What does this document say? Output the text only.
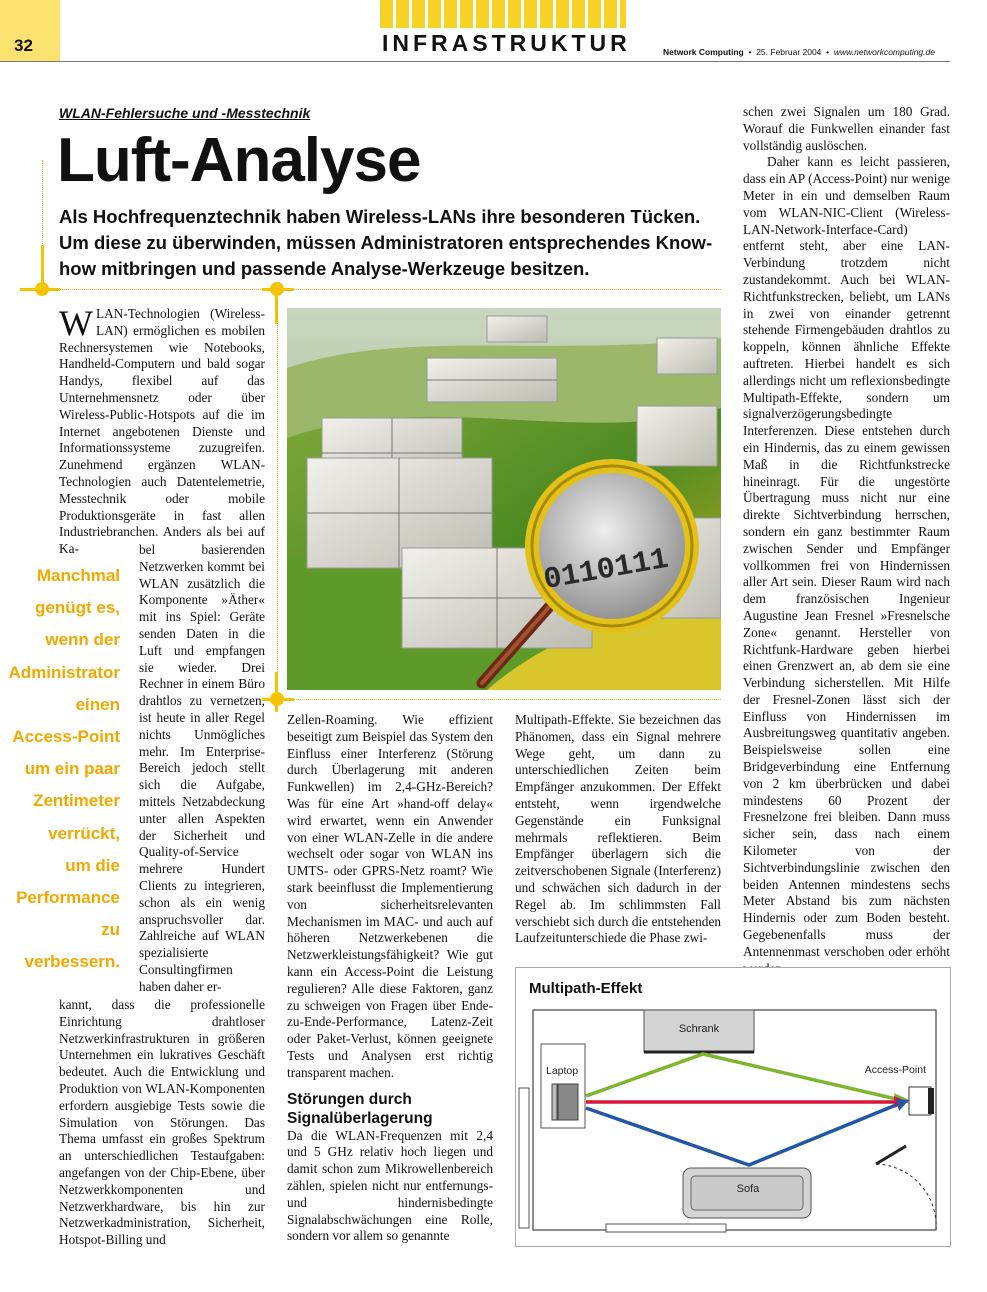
32	INFRASTRUKTUR	Network Computing • 25. Februar 2004 • www.networkcomputing.de
WLAN-Fehlersuche und -Messtechnik
Luft-Analyse
Als Hochfrequenztechnik haben Wireless-LANs ihre besonderen Tücken. Um diese zu überwinden, müssen Administratoren entsprechendes Know-how mitbringen und passende Analyse-Werkzeuge besitzen.
Manchmal
genügt es,
wenn der
Administrator
einen
Access-Point
um ein paar
Zentimeter
verrückt,
um die
Performance
zu
verbessern.

WLAN-Technologien (Wireless-LAN) ermöglichen es mobilen Rechnersystemen wie Notebooks, Handheld-Computern und bald sogar Handys, flexibel auf das Unternehmensnetz oder über Wireless-Public-Hotspots auf die im Internet angebotenen Dienste und Informationssysteme zuzugreifen. Zunehmend ergänzen WLAN-Technologien auch Datentelemetrie, Messtechnik oder mobile Produktionsgeräte in fast allen Industriebranchen. Anders als bei auf Ka-	bel basierenden Netzwerken kommt bei WLAN zusätzlich die Komponente »Äther« mit ins Spiel: Geräte senden Daten in die Luft und empfangen sie wieder. Drei Rechner in einem Büro drahtlos zu vernetzen, ist heute in aller Regel nichts Unmögliches mehr. Im Enterprise-Bereich jedoch stellt sich die Aufgabe, mittels Netzabdeckung unter allen Aspekten der Sicherheit und Quality-of-Service mehrere Hundert Clients zu integrieren, schon als ein wenig anspruchsvoller dar. Zahlreiche auf WLAN spezialisierte Consultingfirmen haben daher er-

kannt, dass die professionelle Einrichtung drahtloser Netzwerkinfrastrukturen in größeren Unternehmen ein lukratives Geschäft bedeutet. Auch die Entwicklung und Produktion von WLAN-Komponenten erfordern ausgiebige Tests sowie die Simulation von Störungen. Das Thema umfasst ein großes Spektrum an unterschiedlichen Testaufgaben: angefangen von der Chip-Ebene, über Netzwerkkomponenten und Netzwerkhardware, bis hin zur Netzwerkadministration, Sicherheit, Hotspot-Billing und

0110111

Zellen-Roaming. Wie effizient beseitigt zum Beispiel das System den Einfluss einer Interferenz (Störung durch Überlagerung mit anderen Funkwellen) im 2,4-GHz-Bereich? Was für eine Art »hand-off delay« wird erwartet, wenn ein Anwender von einer WLAN-Zelle in die andere wechselt oder sogar von WLAN ins UMTS- oder GPRS-Netz roamt? Wie stark beeinflusst die Implementierung von sicherheitsrelevanten Mechanismen im MAC- und auch auf höheren Netzwerkebenen die Netzwerkleistungsfähigkeit? Wie gut kann ein Access-Point die Leistung regulieren? Alle diese Faktoren, ganz zu schweigen von Fragen über Ende-zu-Ende-Performance, Latenz-Zeit oder Paket-Verlust, können geeignete Tests und Analysen erst richtig transparent machen.

Störungen durch Signalüberlagerung

Da die WLAN-Frequenzen mit 2,4 und 5 GHz relativ hoch liegen und damit schon zum Mikrowellenbereich zählen, spielen nicht nur entfernungs- und hindernisbedingte Signalabschwächungen eine Rolle, sondern vor allem so genannte

Multipath-Effekte. Sie bezeichnen das Phänomen, dass ein Signal mehrere Wege geht, um dann zu unterschiedlichen Zeiten beim Empfänger anzukommen. Der Effekt entsteht, wenn irgendwelche Gegenstände ein Funksignal mehrmals reflektieren. Beim Empfänger überlagern sich die zeitverschobenen Signale (Interferenz) und schwächen sich dadurch in der Regel ab. Im schlimmsten Fall verschiebt sich durch die entstehenden Laufzeitunterschiede die Phase zwi-

schen zwei Signalen um 180 Grad. Worauf die Funkwellen einander fast vollständig auslöschen.

Daher kann es leicht passieren, dass ein AP (Access-Point) nur wenige Meter in ein und demselben Raum vom WLAN-NIC-Client (Wireless-LAN-Network-Interface-Card) entfernt steht, aber eine LAN-Verbindung trotzdem nicht zustandekommt. Auch bei WLAN-Richtfunkstrecken, beliebt, um LANs in zwei von einander getrennt stehende Firmengebäuden drahtlos zu koppeln, können ähnliche Effekte auftreten. Hierbei handelt es sich allerdings nicht um reflexionsbedingte Multipath-Effekte, sondern um signalverzögerungsbedingte Interferenzen. Diese entstehen durch ein Hindernis, das zu einem gewissen Maß in die Richtfunkstrecke hineinragt. Für die ungestörte Übertragung muss nicht nur eine direkte Sichtverbindung herrschen, sondern ein ganz bestimmter Raum zwischen Sender und Empfänger vollkommen frei von Hindernissen aller Art sein. Dieser Raum wird nach dem französischen Ingenieur Augustine Jean Fresnel »Fresnelsche Zone« genannt. Hersteller von Richtfunk-Hardware geben hierbei einen Grenzwert an, ab dem sie eine Verbindung sicherstellen. Mit Hilfe der Fresnel-Zonen lässt sich der Einfluss von Hindernissen im Ausbreitungsweg quantitativ angeben. Beispielsweise sollen eine Bridgeverbindung eine Entfernung von 2 km überbrücken und dabei mindestens 60 Prozent der Fresnelzone frei bleiben. Dann muss sicher sein, dass nach einem Kilometer von der Sichtverbindungslinie zwischen den beiden Antennen mindestens sechs Meter Abstand bis zum nächsten Hindernis oder zum Boden besteht. Gegebenenfalls muss der Antennenmast verschoben oder erhöht

Multipath-Effekt
Schrank
Laptop	Access-Point
Sofa
